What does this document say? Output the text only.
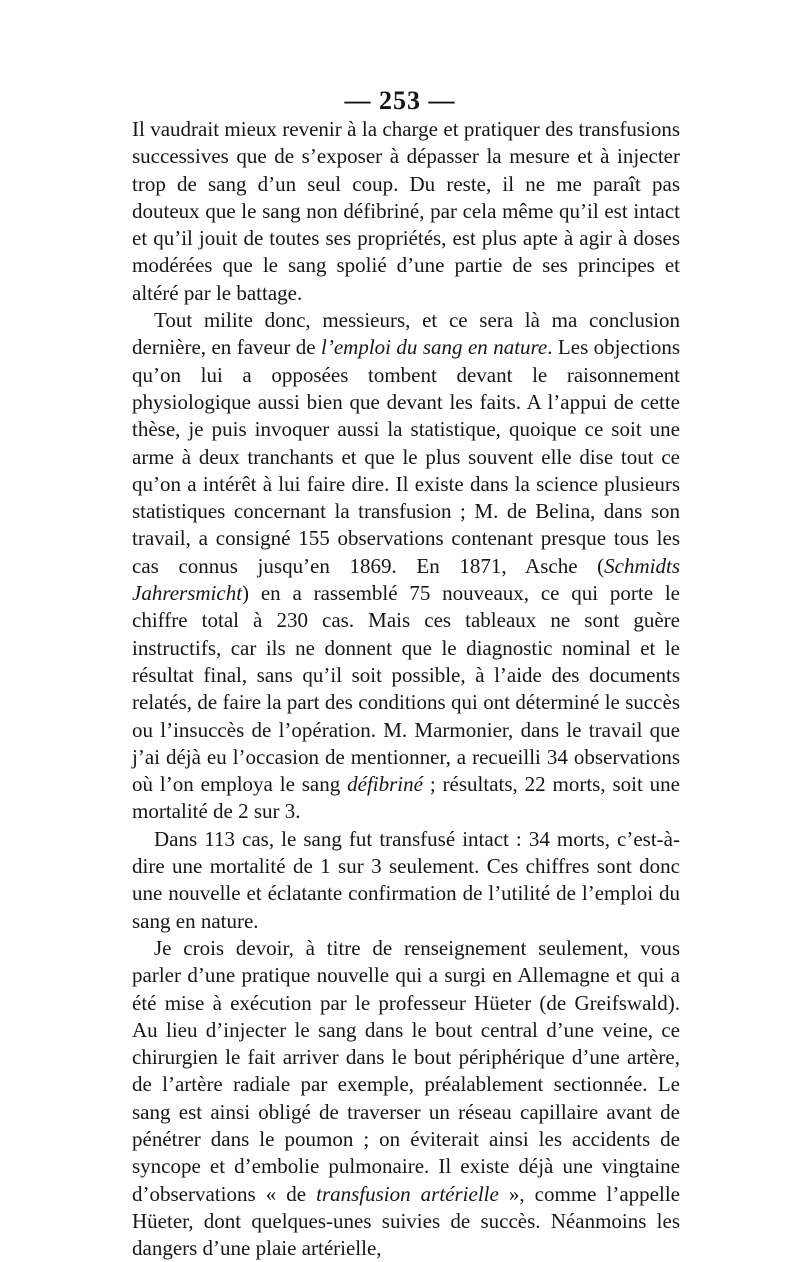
— 253 —

Il vaudrait mieux revenir à la charge et pratiquer des transfusions successives que de s’exposer à dépasser la mesure et à injecter trop de sang d’un seul coup. Du reste, il ne me paraît pas douteux que le sang non défibriné, par cela même qu’il est intact et qu’il jouit de toutes ses propriétés, est plus apte à agir à doses modérées que le sang spolié d’une partie de ses principes et altéré par le battage.

Tout milite donc, messieurs, et ce sera là ma conclusion dernière, en faveur de l’emploi du sang en nature. Les objections qu’on lui a opposées tombent devant le raisonnement physiologique aussi bien que devant les faits. A l’appui de cette thèse, je puis invoquer aussi la statistique, quoique ce soit une arme à deux tranchants et que le plus souvent elle dise tout ce qu’on a intérêt à lui faire dire. Il existe dans la science plusieurs statistiques concernant la transfusion ; M. de Belina, dans son travail, a consigné 155 observations contenant presque tous les cas connus jusqu’en 1869. En 1871, Asche (Schmidts Jahrersmicht) en a rassemblé 75 nouveaux, ce qui porte le chiffre total à 230 cas. Mais ces tableaux ne sont guère instructifs, car ils ne donnent que le diagnostic nominal et le résultat final, sans qu’il soit possible, à l’aide des documents relatés, de faire la part des conditions qui ont déterminé le succès ou l’insuccès de l’opération. M. Marmonier, dans le travail que j’ai déjà eu l’occasion de mentionner, a recueilli 34 observations où l’on employa le sang défibriné ; résultats, 22 morts, soit une mortalité de 2 sur 3.

Dans 113 cas, le sang fut transfusé intact : 34 morts, c’est-à-dire une mortalité de 1 sur 3 seulement. Ces chiffres sont donc une nouvelle et éclatante confirmation de l’utilité de l’emploi du sang en nature.

Je crois devoir, à titre de renseignement seulement, vous parler d’une pratique nouvelle qui a surgi en Allemagne et qui a été mise à exécution par le professeur Hüeter (de Greifswald). Au lieu d’injecter le sang dans le bout central d’une veine, ce chirurgien le fait arriver dans le bout périphérique d’une artère, de l’artère radiale par exemple, préalablement sectionnée. Le sang est ainsi obligé de traverser un réseau capillaire avant de pénétrer dans le poumon ; on éviterait ainsi les accidents de syncope et d’embolie pulmonaire. Il existe déjà une vingtaine d’observations « de transfusion artérielle », comme l’appelle Hüeter, dont quelques-unes suivies de succès. Néanmoins les dangers d’une plaie artérielle,
